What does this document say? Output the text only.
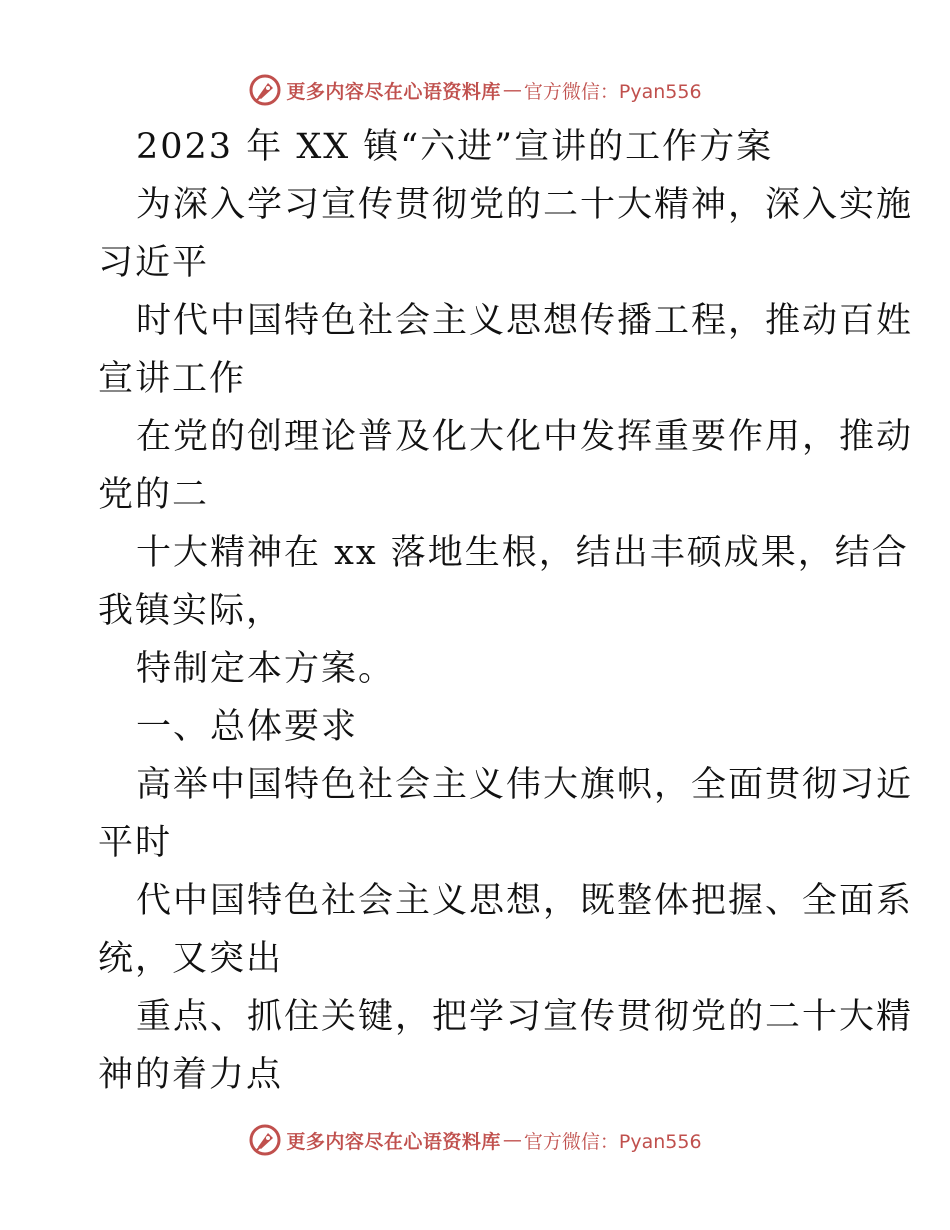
更多内容尽在心语资料库 — 官方微信：Pyan556

2023 年 XX 镇“六进”宣讲的工作方案

为深入学习宣传贯彻党的二十大精神，深入实施

习近平

时代中国特色社会主义思想传播工程，推动百姓

宣讲工作

在党的创理论普及化大化中发挥重要作用，推动

党的二

十大精神在 xx 落地生根，结出丰硕成果，结合

我镇实际，

特制定本方案。

一、总体要求

高举中国特色社会主义伟大旗帜，全面贯彻习近

平时

代中国特色社会主义思想，既整体把握、全面系

统，又突出

重点、抓住关键，把学习宣传贯彻党的二十大精

神的着力点

更多内容尽在心语资料库 — 官方微信：Pyan556
